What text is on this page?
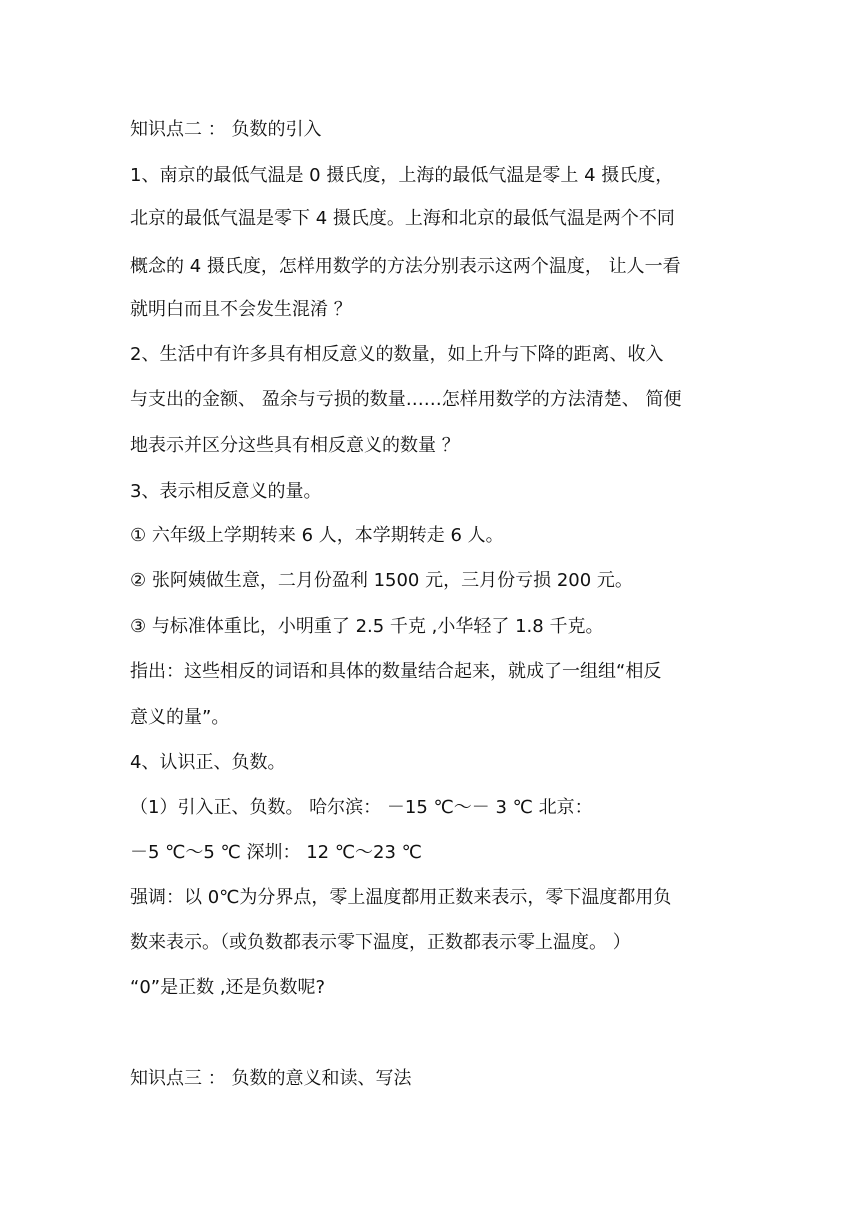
知识点二 ： 负数的引入
1、南京的最低气温是 0 摄氏度，上海的最低气温是零上 4 摄氏度，
北京的最低气温是零下 4 摄氏度。上海和北京的最低气温是两个不同
概念的 4 摄氏度，怎样用数学的方法分别表示这两个温度， 让人一看
就明白而且不会发生混淆 ？
2、生活中有许多具有相反意义的数量，如上升与下降的距离、收入
与支出的金额、 盈余与亏损的数量……怎样用数学的方法清楚、 简便
地表示并区分这些具有相反意义的数量 ？
3、表示相反意义的量。
① 六年级上学期转来 6 人，本学期转走 6 人。
② 张阿姨做生意，二月份盈利 1500 元，三月份亏损 200 元。
③ 与标准体重比，小明重了 2.5 千克 ,小华轻了 1.8 千克。
指出：这些相反的词语和具体的数量结合起来，就成了一组组“相反
意义的量”。
4、认识正、负数。
（1）引入正、负数。 哈尔滨： －15 ℃～－ 3 ℃ 北京：
－5 ℃～5 ℃ 深圳： 12 ℃～23 ℃
强调：以 0℃为分界点，零上温度都用正数来表示，零下温度都用负
数来表示。（或负数都表示零下温度，正数都表示零上温度。 ）
“0”是正数 ,还是负数呢?
知识点三 ： 负数的意义和读、写法
